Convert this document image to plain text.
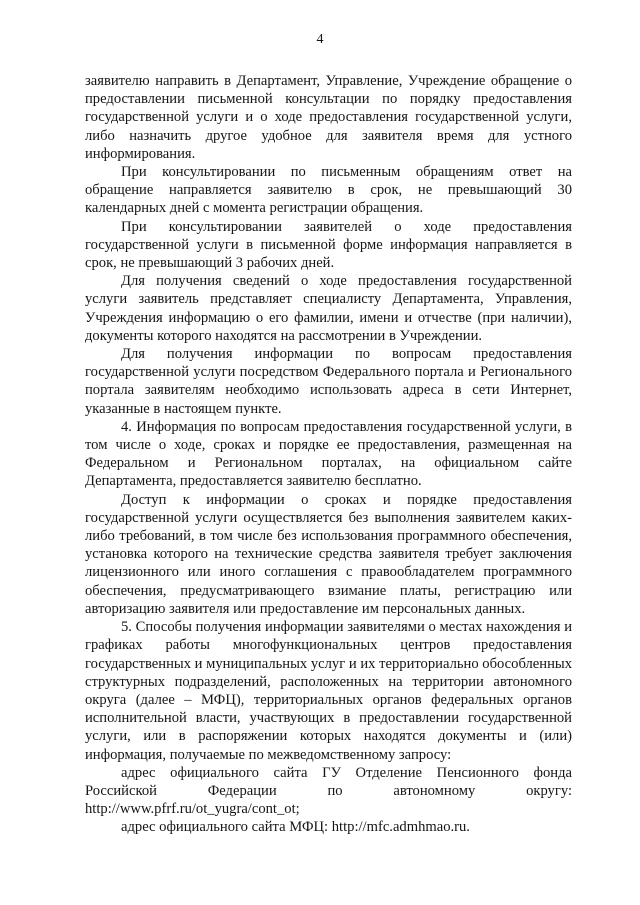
4

заявителю направить в Департамент, Управление, Учреждение обращение о предоставлении письменной консультации по порядку предоставления государственной услуги и о ходе предоставления государственной услуги, либо назначить другое удобное для заявителя время для устного информирования.

При консультировании по письменным обращениям ответ на обращение направляется заявителю в срок, не превышающий 30 календарных дней с момента регистрации обращения.

При консультировании заявителей о ходе предоставления государственной услуги в письменной форме информация направляется в срок, не превышающий 3 рабочих дней.

Для получения сведений о ходе предоставления государственной услуги заявитель представляет специалисту Департамента, Управления, Учреждения информацию о его фамилии, имени и отчестве (при наличии), документы которого находятся на рассмотрении в Учреждении.

Для получения информации по вопросам предоставления государственной услуги посредством Федерального портала и Регионального портала заявителям необходимо использовать адреса в сети Интернет, указанные в настоящем пункте.

4. Информация по вопросам предоставления государственной услуги, в том числе о ходе, сроках и порядке ее предоставления, размещенная на Федеральном и Региональном порталах, на официальном сайте Департамента, предоставляется заявителю бесплатно.

Доступ к информации о сроках и порядке предоставления государственной услуги осуществляется без выполнения заявителем каких-либо требований, в том числе без использования программного обеспечения, установка которого на технические средства заявителя требует заключения лицензионного или иного соглашения с правообладателем программного обеспечения, предусматривающего взимание платы, регистрацию или авторизацию заявителя или предоставление им персональных данных.

5. Способы получения информации заявителями о местах нахождения и графиках работы многофункциональных центров предоставления государственных и муниципальных услуг и их территориально обособленных структурных подразделений, расположенных на территории автономного округа (далее – МФЦ), территориальных органов федеральных органов исполнительной власти, участвующих в предоставлении государственной услуги, или в распоряжении которых находятся документы и (или) информация, получаемые по межведомственному запросу:

адрес официального сайта ГУ Отделение Пенсионного фонда Российской Федерации по автономному округу: http://www.pfrf.ru/ot_yugra/cont_ot;

адрес официального сайта МФЦ: http://mfc.admhmao.ru.
